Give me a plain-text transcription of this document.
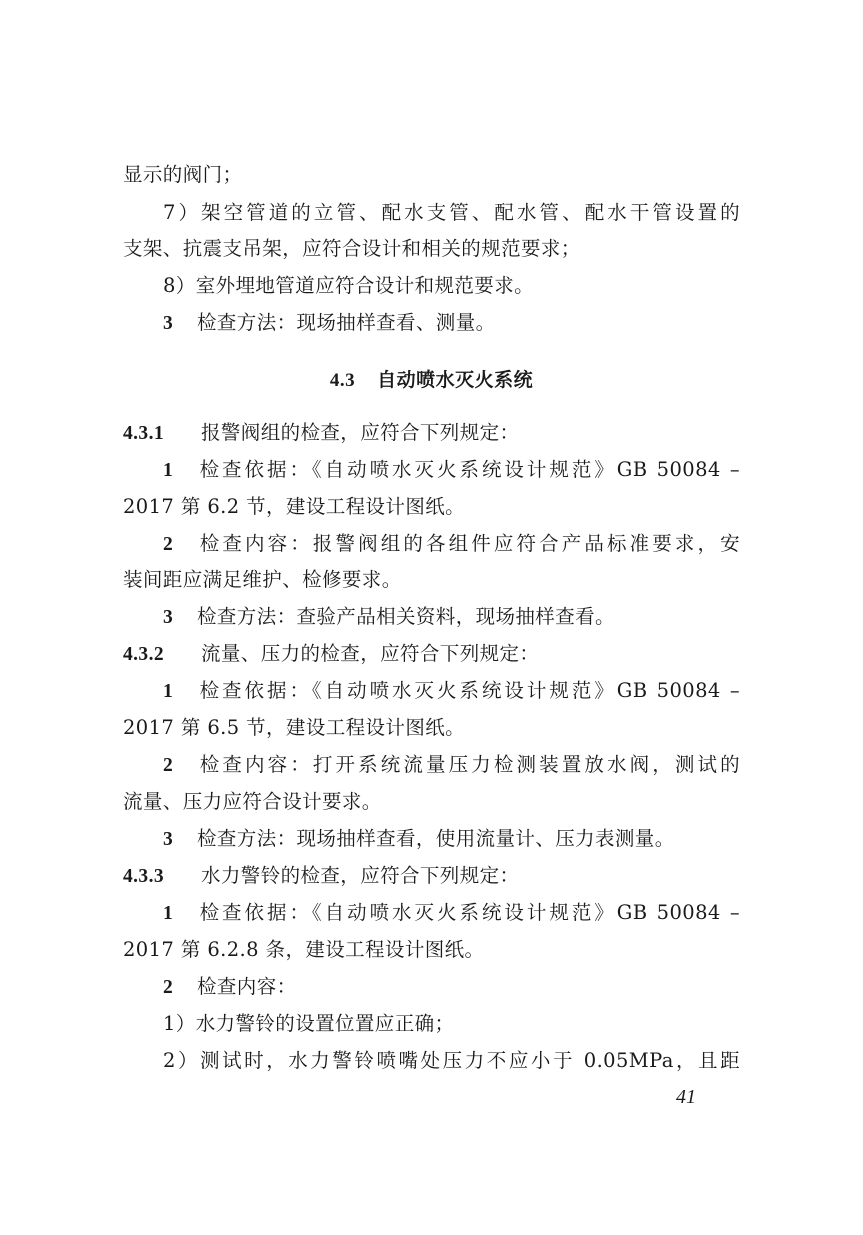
显示的阀门；
7）架空管道的立管、配水支管、配水管、配水干管设置的
支架、抗震支吊架，应符合设计和相关的规范要求；
8）室外埋地管道应符合设计和规范要求。
3 检查方法：现场抽样查看、测量。
4.3 自动喷水灭火系统
4.3.1 报警阀组的检查，应符合下列规定：
1 检查依据：《自动喷水灭火系统设计规范》GB 50084 –
2017 第 6.2 节，建设工程设计图纸。
2 检查内容：报警阀组的各组件应符合产品标准要求，安
装间距应满足维护、检修要求。
3 检查方法：查验产品相关资料，现场抽样查看。
4.3.2 流量、压力的检查，应符合下列规定：
1 检查依据：《自动喷水灭火系统设计规范》GB 50084 –
2017 第 6.5 节，建设工程设计图纸。
2 检查内容：打开系统流量压力检测装置放水阀，测试的
流量、压力应符合设计要求。
3 检查方法：现场抽样查看，使用流量计、压力表测量。
4.3.3 水力警铃的检查，应符合下列规定：
1 检查依据：《自动喷水灭火系统设计规范》GB 50084 –
2017 第 6.2.8 条，建设工程设计图纸。
2 检查内容：
1）水力警铃的设置位置应正确；
2）测试时，水力警铃喷嘴处压力不应小于 0.05MPa，且距
41
